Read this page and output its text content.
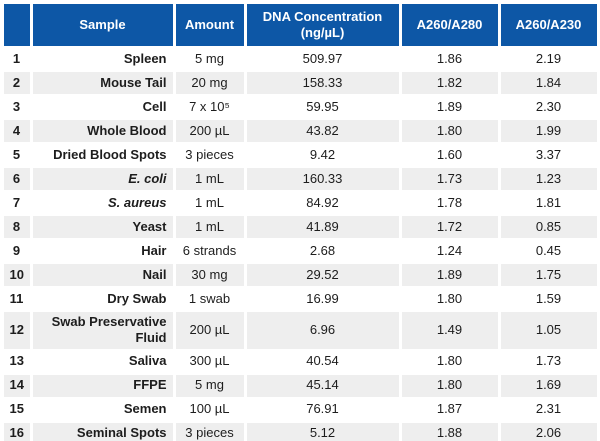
	Sample	Amount	DNA Concentration (ng/µL)	A260/A280	A260/A230
1	Spleen	5 mg	509.97	1.86	2.19
2	Mouse Tail	20 mg	158.33	1.82	1.84
3	Cell	7 x 10⁵	59.95	1.89	2.30
4	Whole Blood	200 µL	43.82	1.80	1.99
5	Dried Blood Spots	3 pieces	9.42	1.60	3.37
6	E. coli	1 mL	160.33	1.73	1.23
7	S. aureus	1 mL	84.92	1.78	1.81
8	Yeast	1 mL	41.89	1.72	0.85
9	Hair	6 strands	2.68	1.24	0.45
10	Nail	30 mg	29.52	1.89	1.75
11	Dry Swab	1 swab	16.99	1.80	1.59
12	Swab Preservative Fluid	200 µL	6.96	1.49	1.05
13	Saliva	300 µL	40.54	1.80	1.73
14	FFPE	5 mg	45.14	1.80	1.69
15	Semen	100 µL	76.91	1.87	2.31
16	Seminal Spots	3 pieces	5.12	1.88	2.06
